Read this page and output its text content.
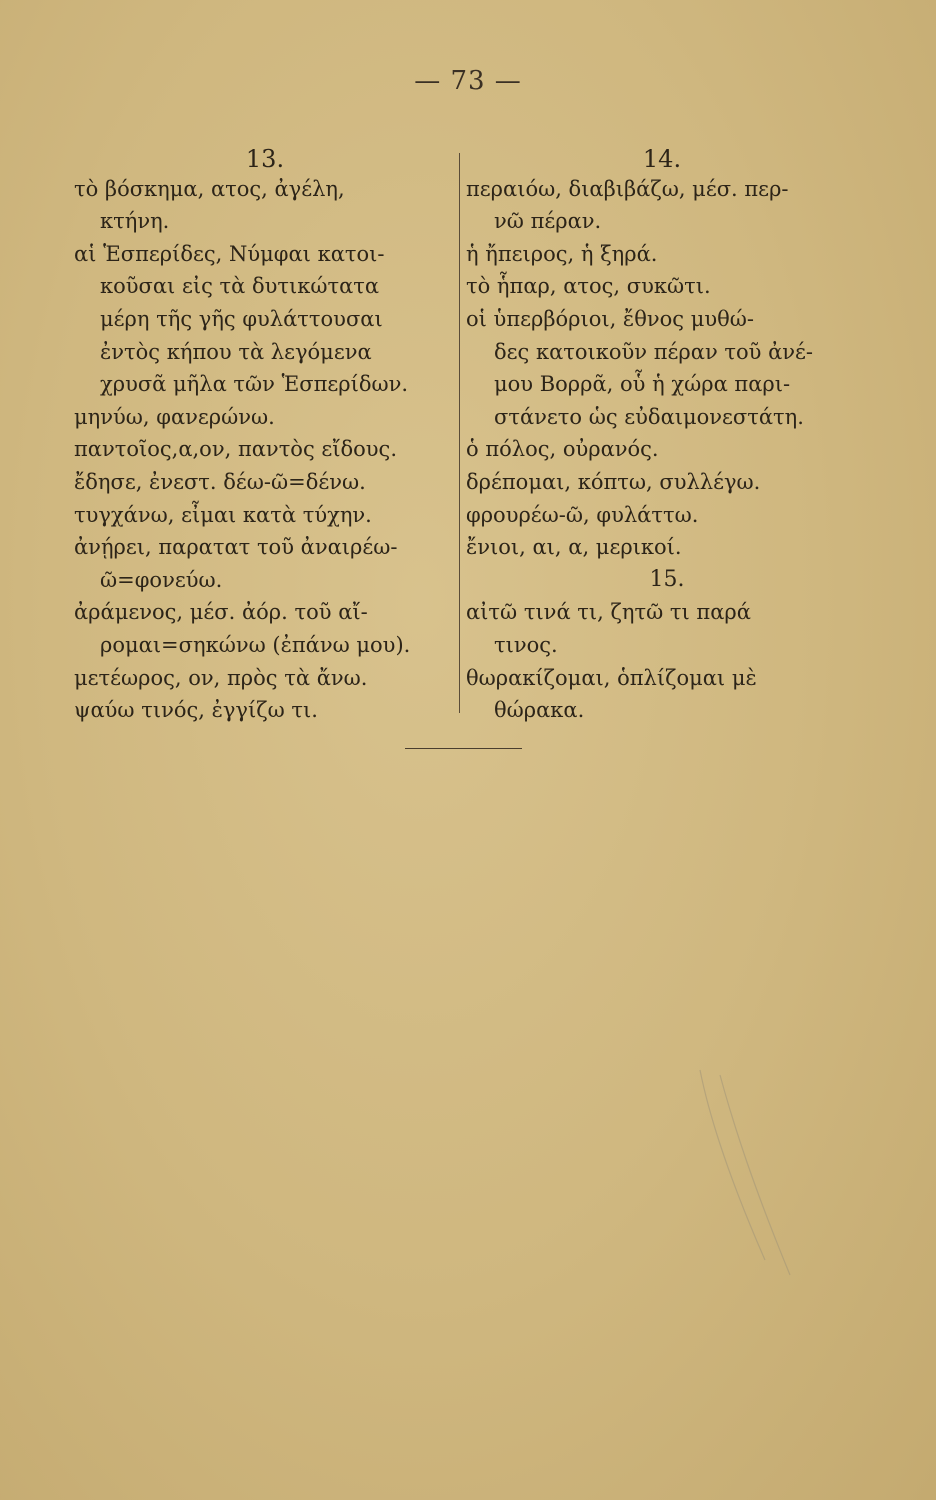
— 73 —
13.
τὸ βόσκημα, ατος, ἀγέλη,
κτήνη.
αἱ Ἑσπερίδες, Νύμφαι κατοι-
κοῦσαι εἰς τὰ δυτικώτατα
μέρη τῆς γῆς φυλάττουσαι
ἐντὸς κήπου τὰ λεγόμενα
χρυσᾶ μῆλα τῶν Ἑσπερίδων.
μηνύω, φανερώνω.
παντοῖος,α,ον, παντὸς εἴδους.
ἔδησε, ἐνεστ. δέω-ῶ=δένω.
τυγχάνω, εἶμαι κατὰ τύχην.
ἀνῄρει, παρατατ τοῦ ἀναιρέω-
ῶ=φονεύω.
ἀράμενος, μέσ. ἀόρ. τοῦ αἴ-
ρομαι=σηκώνω (ἐπάνω μου).
μετέωρος, ον, πρὸς τὰ ἄνω.
ψαύω τινός, ἐγγίζω τι.
14.
περαιόω, διαβιβάζω, μέσ. περ-
νῶ πέραν.
ἡ ἤπειρος, ἡ ξηρά.
τὸ ἧπαρ, ατος, συκῶτι.
οἱ ὑπερβόριοι, ἔθνος μυθώ-
δες κατοικοῦν πέραν τοῦ ἀνέ-
μου Βορρᾶ, οὗ ἡ χώρα παρι-
στάνετο ὡς εὐδαιμονεστάτη.
ὁ πόλος, οὐρανός.
δρέπομαι, κόπτω, συλλέγω.
φρουρέω-ῶ, φυλάττω.
ἔνιοι, αι, α, μερικοί.
15.
αἰτῶ τινά τι, ζητῶ τι παρά
τινος.
θωρακίζομαι, ὁπλίζομαι μὲ
θώρακα.
